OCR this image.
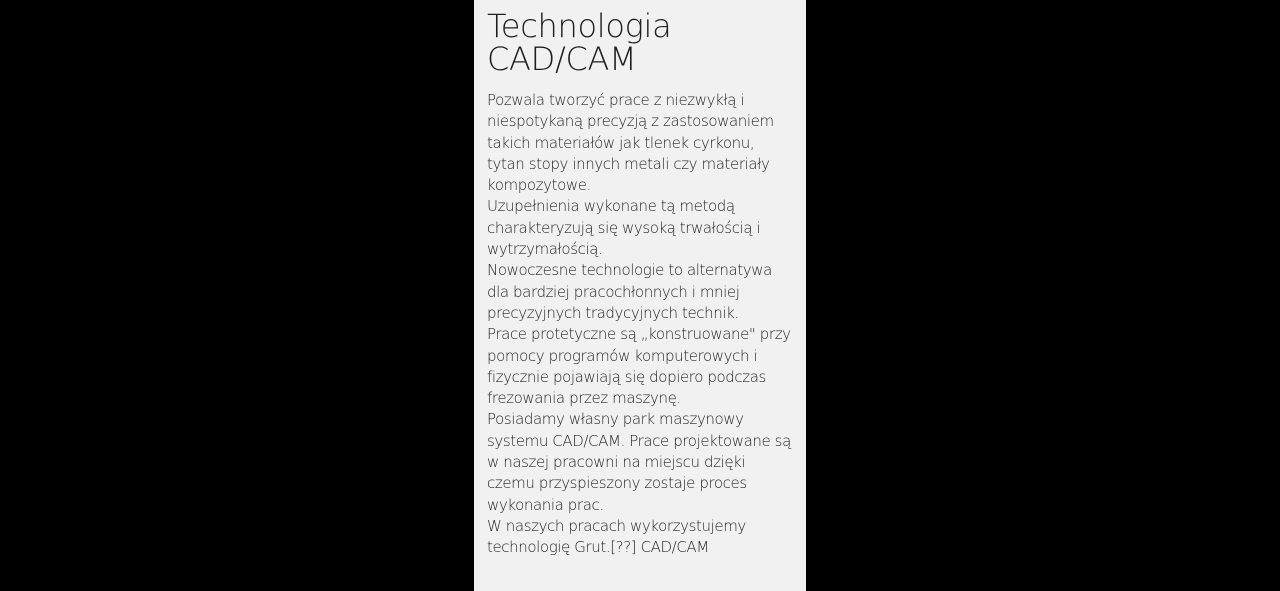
Technologia
CAD/CAM

Pozwala tworzyć prace z niezwykłą i niespotykaną precyzją z zastosowaniem takich materiałów jak tlenek cyrkonu, tytan stopy innych metali czy materiały kompozytowe.

Uzupełnienia wykonane tą metodą charakteryzują się wysoką trwałością i wytrzymałością.

Nowoczesne technologie to alternatywa dla bardziej pracochłonnych i mniej precyzyjnych tradycyjnych technik.

Prace protetyczne są „konstruowane" przy pomocy programów komputerowych i fizycznie pojawiają się dopiero podczas frezowania przez maszynę.

Posiadamy własny park maszynowy systemu CAD/CAM. Prace projektowane są w naszej pracowni na miejscu dzięki czemu przyspieszony zostaje proces wykonania prac.

W naszych pracach wykorzystujemy technologię Grut.[??] CAD/CAM
